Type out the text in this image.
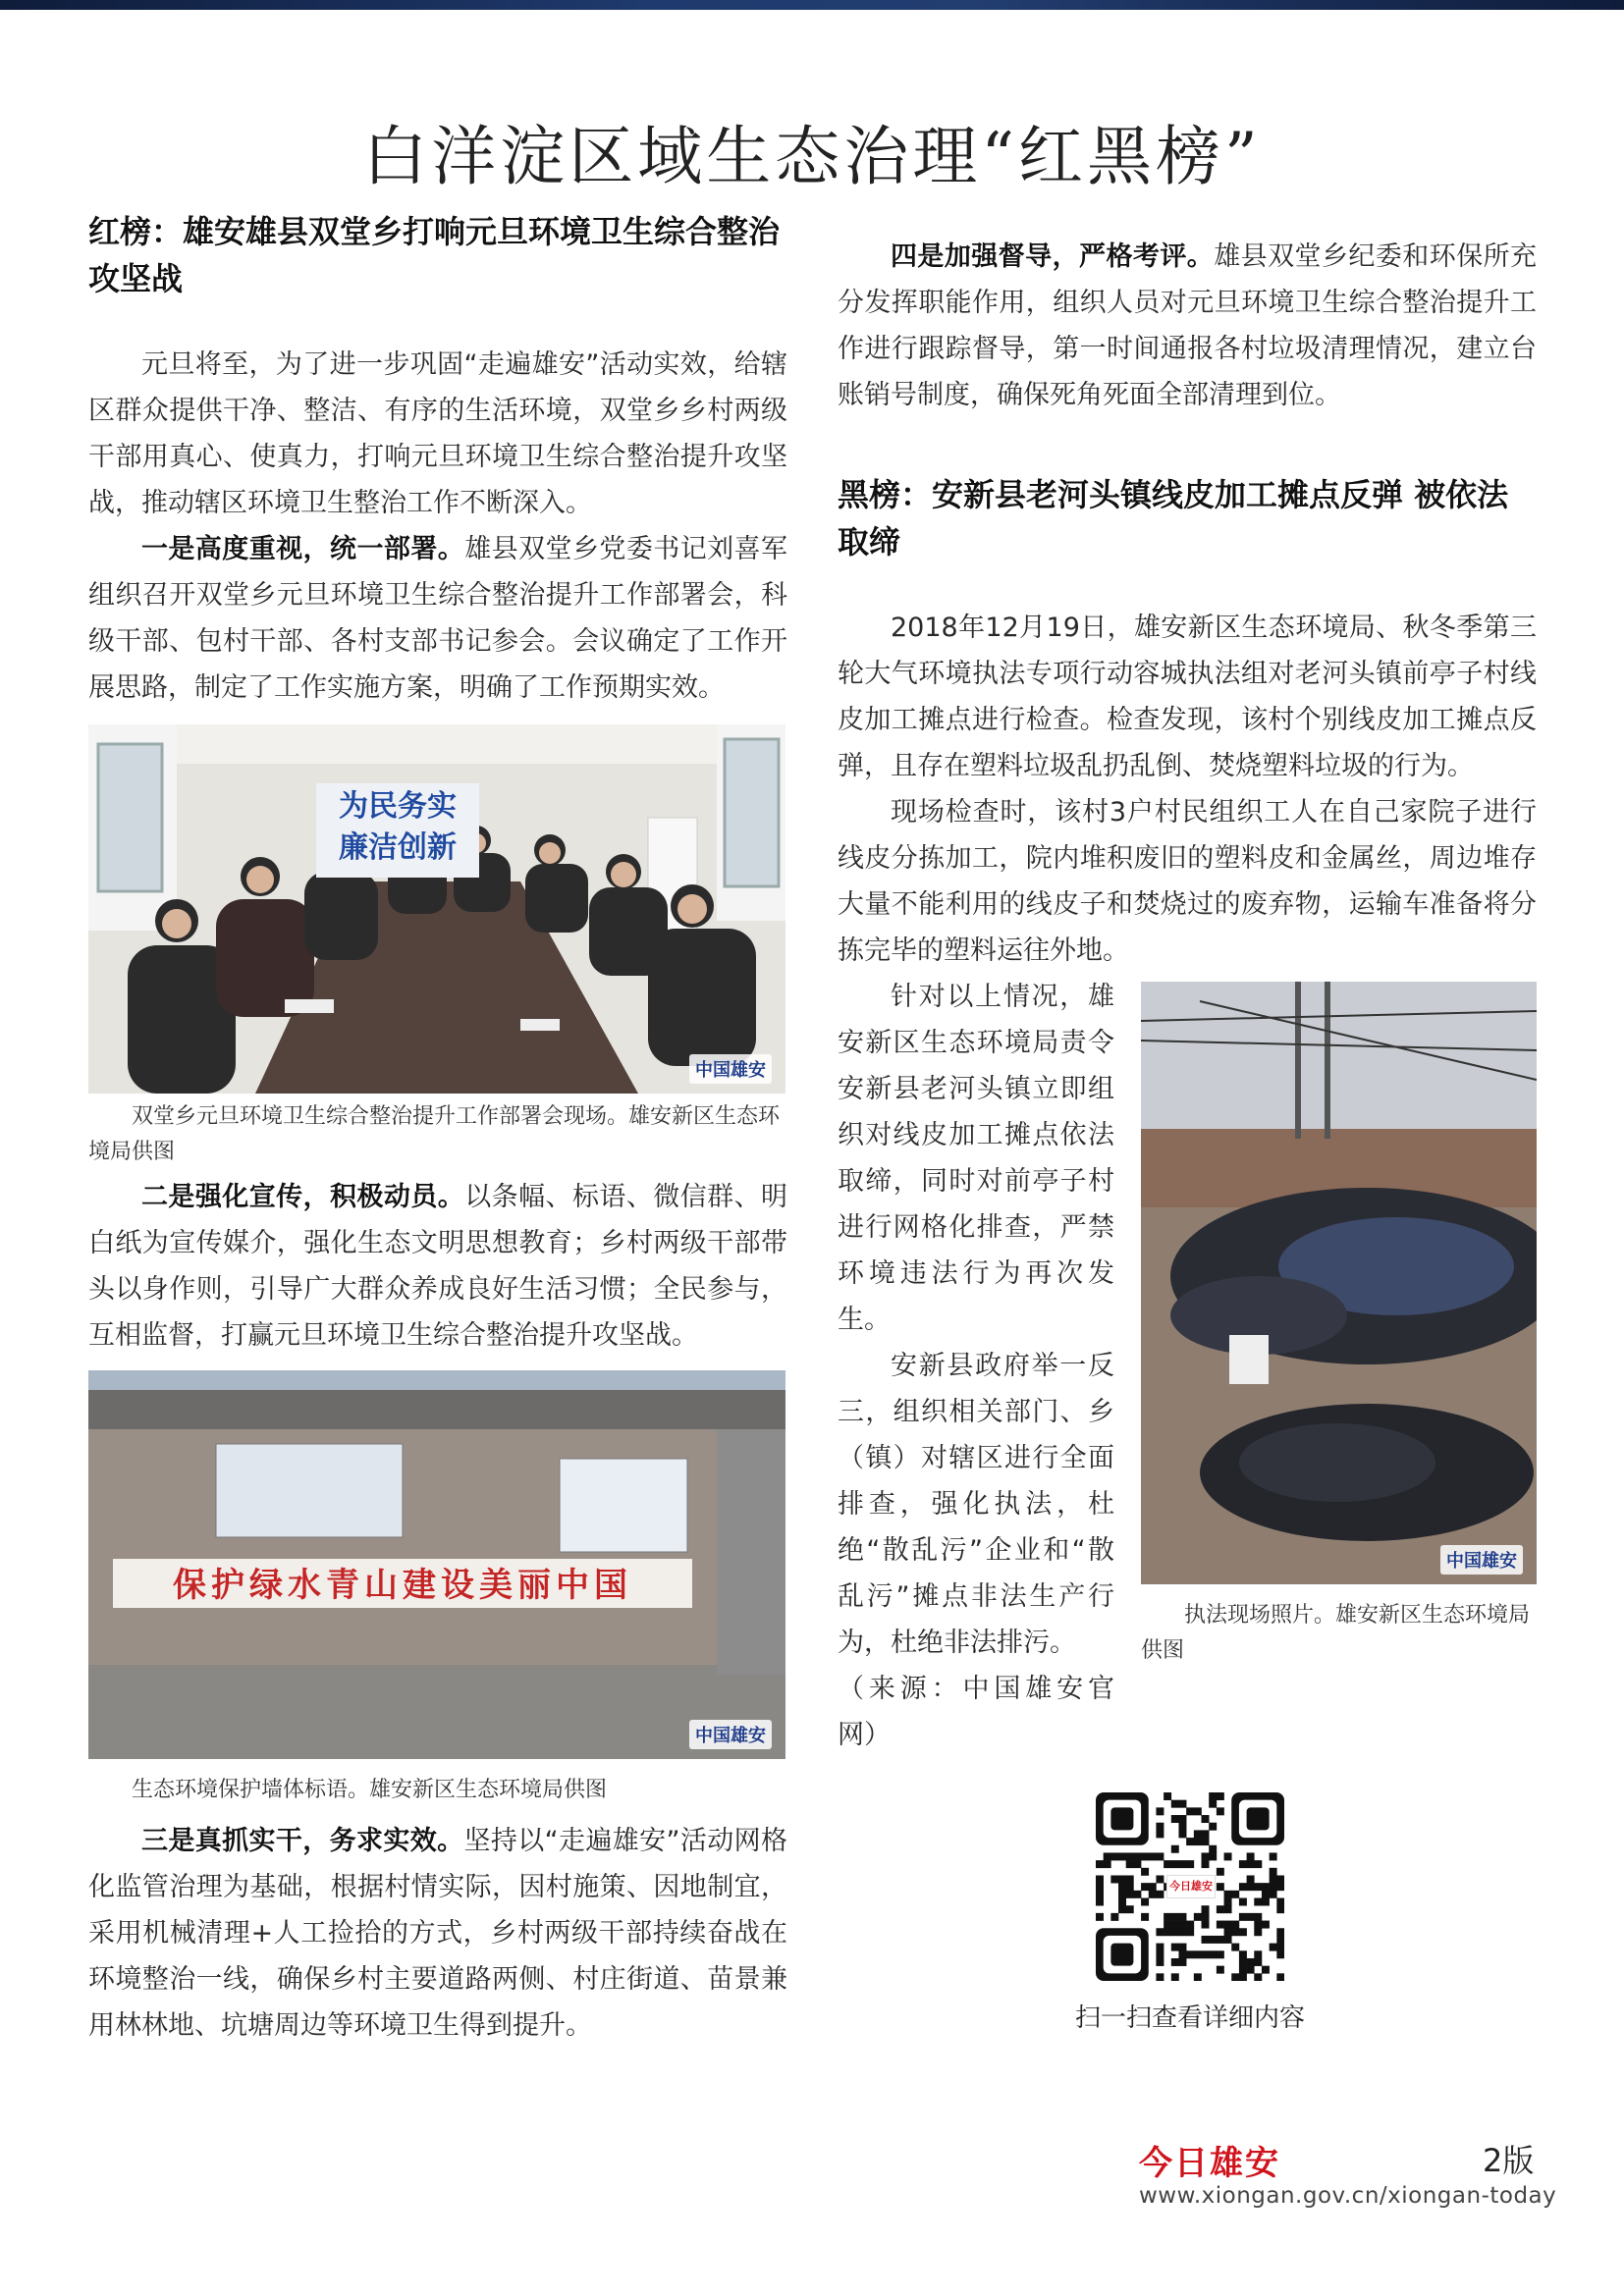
白洋淀区域生态治理“红黑榜”
红榜：雄安雄县双堂乡打响元旦环境卫生综合整治攻坚战

元旦将至，为了进一步巩固“走遍雄安”活动实效，给辖区群众提供干净、整洁、有序的生活环境，双堂乡乡村两级干部用真心、使真力，打响元旦环境卫生综合整治提升攻坚战，推动辖区环境卫生整治工作不断深入。

一是高度重视，统一部署。雄县双堂乡党委书记刘喜军组织召开双堂乡元旦环境卫生综合整治提升工作部署会，科级干部、包村干部、各村支部书记参会。会议确定了工作开展思路，制定了工作实施方案，明确了工作预期实效。

为民务实
廉洁创新
中国雄安
双堂乡元旦环境卫生综合整治提升工作部署会现场。雄安新区生态环境局供图

二是强化宣传，积极动员。以条幅、标语、微信群、明白纸为宣传媒介，强化生态文明思想教育；乡村两级干部带头以身作则，引导广大群众养成良好生活习惯；全民参与，互相监督，打赢元旦环境卫生综合整治提升攻坚战。

保护绿水青山建设美丽中国
中国雄安
生态环境保护墙体标语。雄安新区生态环境局供图

三是真抓实干，务求实效。坚持以“走遍雄安”活动网格化监管治理为基础，根据村情实际，因村施策、因地制宜，采用机械清理+人工捡拾的方式，乡村两级干部持续奋战在环境整治一线，确保乡村主要道路两侧、村庄街道、苗景兼用林林地、坑塘周边等环境卫生得到提升。

四是加强督导，严格考评。雄县双堂乡纪委和环保所充分发挥职能作用，组织人员对元旦环境卫生综合整治提升工作进行跟踪督导，第一时间通报各村垃圾清理情况，建立台账销号制度，确保死角死面全部清理到位。

黑榜：安新县老河头镇线皮加工摊点反弹 被依法取缔

2018年12月19日，雄安新区生态环境局、秋冬季第三轮大气环境执法专项行动容城执法组对老河头镇前亭子村线皮加工摊点进行检查。检查发现，该村个别线皮加工摊点反弹，且存在塑料垃圾乱扔乱倒、焚烧塑料垃圾的行为。

现场检查时，该村3户村民组织工人在自己家院子进行线皮分拣加工，院内堆积废旧的塑料皮和金属丝，周边堆存大量不能利用的线皮子和焚烧过的废弃物，运输车准备将分拣完毕的塑料运往外地。

针对以上情况，雄安新区生态环境局责令安新县老河头镇立即组织对线皮加工摊点依法取缔，同时对前亭子村进行网格化排查，严禁环境违法行为再次发生。

安新县政府举一反三，组织相关部门、乡（镇）对辖区进行全面排查，强化执法，杜绝“散乱污”企业和“散乱污”摊点非法生产行为，杜绝非法排污。

（来源：中国雄安官网）

中国雄安
执法现场照片。雄安新区生态环境局供图
今日雄安
扫一扫查看详细内容
今日雄安	2版
www.xiongan.gov.cn/xiongan-today
